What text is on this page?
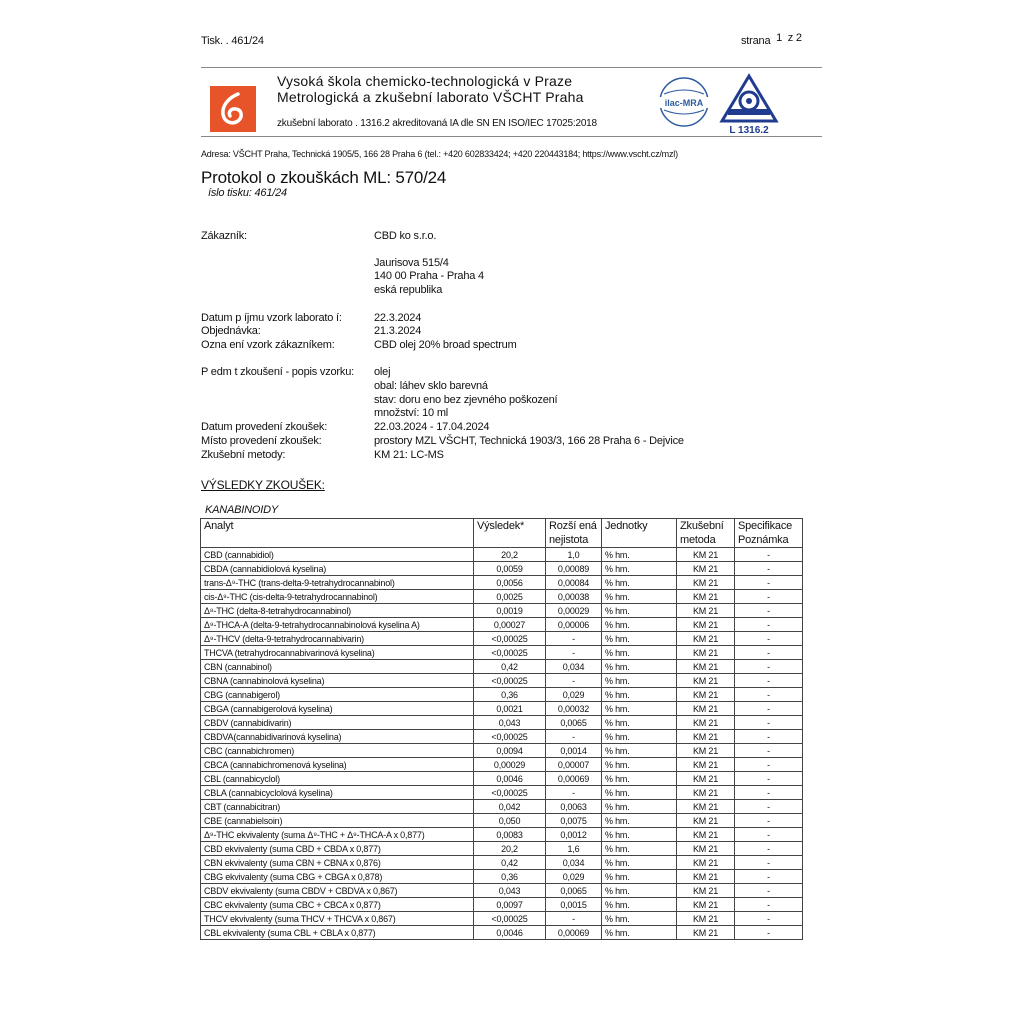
Tisk. . 461/24	strana 1 z 2
Vysoká škola chemicko-technologická v Praze
Metrologická a zkušební laborato VŠCHT Praha
zkušební laborato . 1316.2 akreditovaná IA dle SN EN ISO/IEC 17025:2018
ilac-MRA
L 1316.2
Adresa: VŠCHT Praha, Technická 1905/5, 166 28 Praha 6 (tel.: +420 602833424; +420 220443184; https://www.vscht.cz/mzl)
Protokol o zkouškách ML: 570/24
íslo tisku: 461/24
Zákazník:	CBD ko s.r.o.
Jaurisova 515/4
140 00 Praha - Praha 4
eská republika
Datum p íjmu vzork laborato í:	22.3.2024
Objednávka:	21.3.2024
Ozna ení vzork zákazníkem:	CBD olej 20% broad spectrum
P edm t zkoušení - popis vzorku: olej
obal: láhev sklo barevná
stav: doru eno bez zjevného poškození
množství: 10 ml
Datum provedení zkoušek:	22.03.2024 - 17.04.2024
Místo provedení zkoušek:	prostory MZL VŠCHT, Technická 1903/3, 166 28 Praha 6 - Dejvice
Zkušební metody:	KM 21: LC-MS
VÝSLEDKY ZKOUŠEK:
KANABINOIDY
Analyt	Výsledek*	Rozší ená nejistota	Jednotky	Zkušební metoda	Specifikace Poznámka
CBD (cannabidiol)	20,2	1,0	% hm.	KM 21	-
CBDA (cannabidiolová kyselina)	0,0059	0,00089	% hm.	KM 21	-
trans-Δ⁹-THC (trans-delta-9-tetrahydrocannabinol)	0,0056	0,00084	% hm.	KM 21	-
cis-Δ⁹-THC (cis-delta-9-tetrahydrocannabinol)	0,0025	0,00038	% hm.	KM 21	-
Δ⁸-THC (delta-8-tetrahydrocannabinol)	0,0019	0,00029	% hm.	KM 21	-
Δ⁹-THCA-A (delta-9-tetrahydrocannabinolová kyselina A)	0,00027	0,00006	% hm.	KM 21	-
Δ⁹-THCV (delta-9-tetrahydrocannabivarin)	<0,00025	-	% hm.	KM 21	-
THCVA (tetrahydrocannabivarinová kyselina)	<0,00025	-	% hm.	KM 21	-
CBN (cannabinol)	0,42	0,034	% hm.	KM 21	-
CBNA (cannabinolová kyselina)	<0,00025	-	% hm.	KM 21	-
CBG (cannabigerol)	0,36	0,029	% hm.	KM 21	-
CBGA (cannabigerolová kyselina)	0,0021	0,00032	% hm.	KM 21	-
CBDV (cannabidivarin)	0,043	0,0065	% hm.	KM 21	-
CBDVA(cannabidivarinová kyselina)	<0,00025	-	% hm.	KM 21	-
CBC (cannabichromen)	0,0094	0,0014	% hm.	KM 21	-
CBCA (cannabichromenová kyselina)	0,00029	0,00007	% hm.	KM 21	-
CBL (cannabicyclol)	0,0046	0,00069	% hm.	KM 21	-
CBLA (cannabicyclolová kyselina)	<0,00025	-	% hm.	KM 21	-
CBT (cannabicitran)	0,042	0,0063	% hm.	KM 21	-
CBE (cannabielsoin)	0,050	0,0075	% hm.	KM 21	-
Δ⁹-THC ekvivalenty (suma Δ⁹-THC + Δ⁹-THCA-A x 0,877)	0,0083	0,0012	% hm.	KM 21	-
CBD ekvivalenty (suma CBD + CBDA x 0,877)	20,2	1,6	% hm.	KM 21	-
CBN ekvivalenty (suma CBN + CBNA x 0,876)	0,42	0,034	% hm.	KM 21	-
CBG ekvivalenty (suma CBG + CBGA x 0,878)	0,36	0,029	% hm.	KM 21	-
CBDV ekvivalenty (suma CBDV + CBDVA x 0,867)	0,043	0,0065	% hm.	KM 21	-
CBC ekvivalenty (suma CBC + CBCA x 0,877)	0,0097	0,0015	% hm.	KM 21	-
THCV ekvivalenty (suma THCV + THCVA x 0,867)	<0,00025	-	% hm.	KM 21	-
CBL ekvivalenty (suma CBL + CBLA x 0,877)	0,0046	0,00069	% hm.	KM 21	-
